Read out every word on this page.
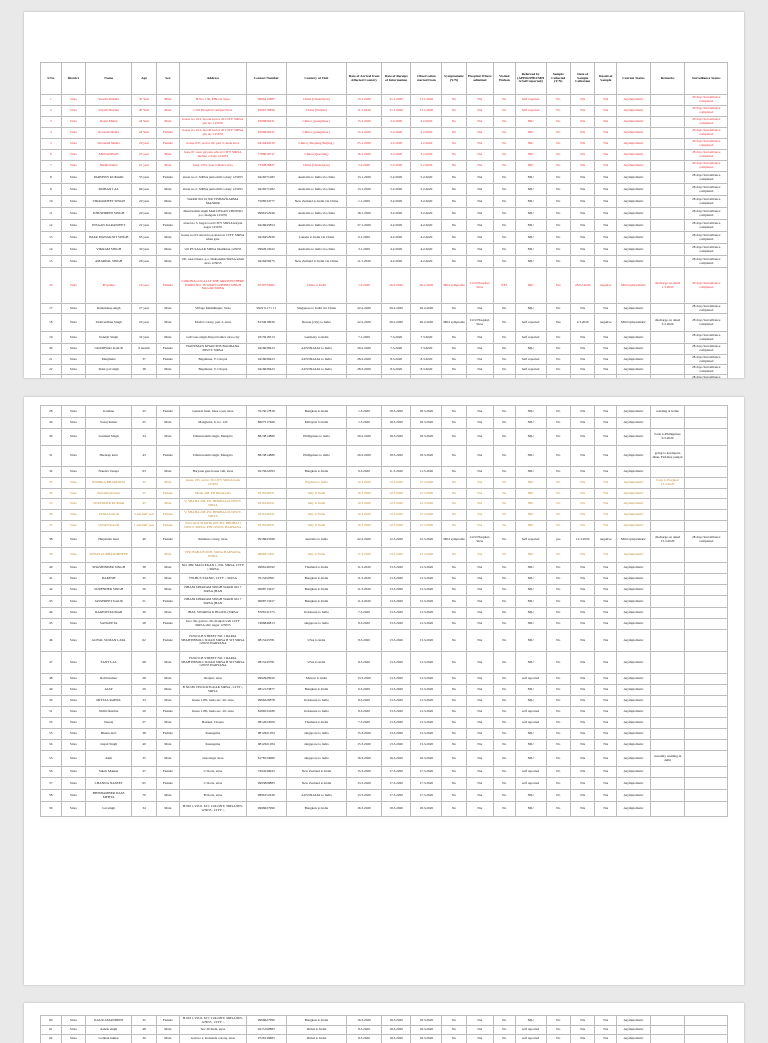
S/No	District	Name	Age	Sex	Address	Contact Number	Country of Visit	Date of Arrival from Affected Country	Date of Receipt of Information	Observation started from	Symptomatic (Y/N)	Hospital Where admitted	Visited Wuhan	Referred by (APHO/PHO/MHA/Self reported)	Sample Collected (Y/N)	Date of Sample Collection	Result of Sample	Current Status	Remarks	Surveillance Status
1	Sirsa	Swami Shikhar	35 Year	Male	H.No. 130, P.Block Sirsa	9996212885	China (Chuncheon)	13.1.2020	31.1.2020	31.1.2020	No	NA	No	Self reported	No	NA	NA	Asymptomatic		28 days Surveillance completed
2	Sirsa	Sayam Sharma	20 Year	Male	Civil Hospital Campus Sirsa	9306176856	China (Wuhan)	11.1.2020	31.1.2020	31.1.2020	No	NA	No	Self reported	No	NA	NA	Asymptomatic		28 days Surveillance completed
3	Sirsa	Rajan Mehta	43 Year	Male	house no. 612, hooda sector 20 CITY SIRSA pin no. 125055	9306656431	China ( guangzhou )	15.1.2020	2.2.2020	2.2.2020	No	NA	No	NIU	No	NA	NA	Asymptomatic		28 days Surveillance completed
4	Sirsa	Poonam Mehta	43 Year	Female	house no. 612, hooda sector 20 CITY SIRSA pin no. 125055	9306656431	China ( guangzhou )	15.1.2020	2.2.2020	2.2.2020	No	NA	No	NIU	No	NA	NA	Asymptomatic		28 days Surveillance completed
5	Sirsa	Devanshi Mehta	20 year	Female	house 637, sector 20, part 2, huda sirsa	9416430010	China ( Zhejiang Beijing )	25.1.2020	3.2.2020	3.2.2020	No	NA	No	NIU	No	NA	NA	Asymptomatic		28 days Surveillance completed
6	Sirsa	MONASHAN	23 year	Male	huse 67, near guyana school CITY SIRSA mohan colony 125055	7788018747	China (Qiaoxing)	16.1.2020	3.2.2020	3.2.2020	No	NA	No	NIU	No	NA	NA	Asymptomatic		28 days Surveillance completed
7	Sirsa	Nikhil mehta	21 year	Male	huse 1335, near Chhatri sirsa	7330818837	China (Chuncheon)	5.2.2020	5.2.2020	5.2.2020	No	NA	No	NIU	No	NA	NA	Asymptomatic		28 days Surveillance completed
8	Sirsa	PARVEEN KUMARI	33 year	Female	street no 2, SIRSA janta mili colony 125055	9416571282	Australia to India via china	13.1.2020	5.2.2020	5.2.2020	No	NA	No	NIU	No	NA	NA	Asymptomatic		28 days Surveillance completed
9	Sirsa	MOHAN LAL	60 year	Male	street no 2, SIRSA janta mili colony 125055	9416571282	Australia to India via china	13.1.2020	5.2.2020	5.2.2020	No	NA	No	NIU	No	NA	NA	Asymptomatic		28 days Surveillance completed
10	Sirsa	VIKRAMJEET SINGH	20 year	Male	WARD NO 16 NR VISHAVKARMA MANDIR	7508534777	New Zealand to India via China	1.1.2020	3.2.2020	3.2.2020	No	NA	No	NIU	No	NA	NA	Asymptomatic		28 days Surveillance completed
11	Sirsa	KHUSHDEEP SINGH	20 year	Male	dhani kalam singh MALLEKAN CHOWKI p.o. mangala 125055	9996152946	Australia to India via china	18.1.2020	3.2.2020	3.2.2020	No	NA	No	NIU	No	NA	NA	Asymptomatic		28 days Surveillance completed
12	Sirsa	INSAAN KARANJEET	22 year	Female	street no 3, hagar road CITY SIRSA kalyan nagar 125055	9416645854	Australia to India via china	27.1.2020	4.2.2020	4.2.2020	No	NA	No	NIU	No	NA	NA	Asymptomatic		28 days Surveillance completed
13	Sirsa	IMAR MANAKJOT SINGH	65 year	Male	house no 63 ratran loop street nr CITY SIRSA khan gate	9416452930	Canada to India via China	9.1.2020	4.2.2020	4.2.2020	No	NA	No	NIU	No	NA	NA	Asymptomatic		28 days Surveillance completed
14	Sirsa	VIKRAM SINGH	30 year	Male	vill PS SAGAR SIRSA bhambian 125055	9992613022	Australia to india via china	3.1.2020	4.2.2020	4.2.2020	No	NA	No	NIU	No	NA	NA	Asymptomatic		28 days Surveillance completed
15	Sirsa	AMARPAL SINGH	26 year	Male	vill. nasri bhera, p.o. bhabandhu SIRSA tehsil sirsa 125055	9416458275	New Zealand to India via China	11.1.2020	4.2.2020	4.2.2020	No	NA	No	NIU	No	NA	NA	Asymptomatic		28 days Surveillance completed
16	Sirsa	Priyanka	19 year	Female	CORONA LOCALLY SHE ARRIVED HERE WARD NO. 18 SHAH GOBIND SINGH NAGAR SIRSA	9729732665	China to India	1.2.2020	26.2.2020	26.2.2020	Mild symptoms	Civil Hospital, Sirsa	YES	NIU	Yes	28.02.2020	negative	Mild symptomatic	discharge on dated 1.3.2020	28 days Surveillance completed
17	Sirsa	Kamaldeep singh	27 year	Male	Village Mamdhupur, Sirsa	9922 6.171 11	Singapore to India via China	22.2.2020	29.2.2020	29.2.2020	No	NA	No	NIU	No	NA	NA	Asymptomatic		28 days Surveillance completed
18	Sirsa	Yashvardhan Singh	24 year	Male	Model colony, part 2, sirsa	8134618930	Russia (city) to India	22.2.2020	26.2.2020	26.2.2020	Mild symptoms	Civil Hospital, Sirsa	No	Self reported	Yes	2.3.2020	negative	Mild symptomatic	discharge on dated 5.3.2020	28 days Surveillance completed
19	Sirsa	Inderjit Singh	32 year	Male	Gill vaas singh dhayal baldev sirsa city	9315918313	Germany to India	7.1.2020	7.3.2020	7.3.2020	No	NA	No	Self reported	No	NA	NA	Asymptomatic		28 days Surveillance completed
20	Sirsa	GURDIWAL KAUR	6 month	Female	HANUMAN KHAN POS BAODANA DISTT. SIRSA	9416638423	AUSTRALIA to India	29.2.2020	7.3.2020	7.3.2020	No	NA	No	NIU	No	NA	NA	Asymptomatic		28 days Surveillance completed
21	Sirsa	Manjinder	37	Female	Baguhana, V. Chopta	9416638423	AUSTRALIA to India	28.2.2020	8.3.2020	8.3.2020	No	NA	No	Self reported	No	NA	NA	Asymptomatic		28 days Surveillance completed
22	Sirsa	Inder pal singh	38	Male	Baguhana, V. Chopta	9416638423	AUSTRALIA to India	28.2.2020	8.3.2020	8.3.2020	No	NA	No	Self reported	No	NA	NA	Asymptomatic		28 days Surveillance completed
																				28 days Surveillance

28	Sirsa	Krishna	25	Female	General basti, hisar road, sirsa	7015017818	Bangkok to India	1.3.2020	18.3.2020	18.3.2020	No	NA	No	NIU	No	NA	NA	Asymptomatic	residing at home	
29	Sirsa	Sonaj kumar	25	Male	Mangleira, h. no. 122	8607517469	Malaysia to india	1.3.2020	18.3.2020	18.3.2020	No	NA	No	NIU	No	NA	NA	Asymptomatic		
30	Sirsa	Gurmail Singh	34	Male	Dhani kalam singh, Mangala	8813814880	Philippines to india	29.2.2020	18.3.2020	18.3.2020	No	NA	No	NIU	No	NA	NA	Asymptomatic	back to Philippines 9.3.2020	
31	Sirsa	Hardeep kaur	43	Female	Dhani kalam singh, Mangala	8813814880	Philippines to india	29.2.2020	18.3.2020	18.3.2020	No	NA	No	NIU	No	NA	NA	Asymptomatic	going to kotdapura dhan. Faridkot punjab	
32	Sirsa	Nandev Taneja	63	Male	Haryana gate house veli, sirsa	9215922093	Bangkok to India	9.3.2020	11.3.2020	11.3.2020	No	NA	No	NIU	No	NA	NA	Asymptomatic		
33	Sirsa	RISHIKA BHARDWAJ	22	Male	house 195, sector 20 CITY SIRSA huda 125055		England to India	12.3.2020	12.3.2020	12.3.2020	No	NA	No	NIU	No	NA	NA	Asymptomatic	back to England 12.3.2020	
34	Sirsa	Narenderjit Kaur	55	Female	Dhani 208, PO Bhuntwala	9316140521	Italy to India	10.3.2020	12.3.2020	12.3.2020	No	NA	No	NIU	No	NA	NA	Asymptomatic		
35	Sirsa	SURENDER KUMAR	45	Male	V. SHAHA 208, PO. BHOBALOI DISTT. SIRSA	9316140521	Italy to India	10.3.2020	12.3.2020	12.3.2020	No	NA	No	NIU	No	NA	NA	Asymptomatic		
36	Sirsa	TANIA KAUR	3 and half year	Female	V. SHAHA 208, PO. BHOBALOI DISTT. SIRSA	9316140521	Italy to India	10.3.2020	12.3.2020	12.3.2020	No	NA	No	NIU	No	NA	NA	Asymptomatic		
37	Sirsa	JASAN KAUR	1 and half year	Female	VILLAGE SHAHA 208, PO. DHOBALI DISTT. SIRSA, PIN:125055, HARYANA	9316140521	Italy to India	10.3.2020	12.3.2020	12.3.2020	No	NA	No	NIU	No	NA	NA	Asymptomatic		
38	Sirsa	Harpinder kaur	40	Female	Rehman colony, sirsa	9918643398	australia to india	22.2.2020	12.3.2020	12.3.2020	Mild symptoms	Civil Hospital, Sirsa	No	Self reported	yes	12.3.2020	negative	Mild symptomatic	discharge on dated 15.3.2020	28 days Surveillance completed
39	Sirsa	SINGH GURBAKSHDEEP		Male	VPO BABA BUDH, SIRSA HARYANA, INDIA	9996675811	Italy to India	17.3.2020	13.3.2020	13.3.2020	No	NA	No	NIU	No	NA	NA	Asymptomatic		
40	Sirsa	SHASHINDER SINGH	38	Male	NO. 489, MALLEKAN 1, NO. SIRSA, CITY :, SIRSA	9996148192	Thailand to India	11.3.2020	13.3.2020	13.3.2020	No	NA	No	NIU	No	NA	NA	Asymptomatic		
41	Sirsa	RAKESH	35	Male	378-BUS STAND , CITY :, SIRSA	7015459301	Bangkok to India	11.3.2020	13.3.2020	13.3.2020	No	NA	No	NIU	No	NA	NA	Asymptomatic		
42	Sirsa	SURENDER SINGH	56	Male	DHANI DHARAM SINGH WARD NO 7 SIRSA (HAN	9698713457	Bangkok to India	11.3.2020	13.3.2020	13.3.2020	No	NA	No	NIU	No	NA	NA	Asymptomatic		
43	Sirsa	JASSPREET KAUR	51	Female	DHANI DHARAM SINGH WARD NO 7 SIRSA (HAN	9698713457	Bangkok to India	11.3.2020	13.3.2020	13.3.2020	No	NA	No	NIU	No	NA	NA	Asymptomatic		
44	Sirsa	RAKESH KUMAR	30	Male	JHAT, SWARNA K BLOCK (SIRSA	8708141575	Indonesia to India	7.3.2020	13.3.2020	13.3.2020	No	NA	No	NIU	No	NA	NA	Asymptomatic		
45	Sirsa	SANGEETA	28	Female	h.no. 96, gali no. 06, manjab well CITY SIRSA shiv nagar 125055	7496846813	singapore to india	8.3.2020	13.3.2020	13.3.2020	No	NA	No	NIU	No	NA	NA	Asymptomatic		
46	Sirsa	GOYAL SUMAN LATA	62	Female	H.NO 6-B STREET NO 1 DARIA SHAHTIBSOLC ROAD SIRSA B SIT SIRSA 125055 HARYANA	9815245781	USA to india	8.3.2020	13.3.2020	13.3.2020	No	NA	No	NIU	No	NA	NA	Asymptomatic		
47	Sirsa	SANT LAL	68	Male	H.NO 6-B STREET NO 1 DARIA SHAHTIBSOLC ROAD SIRSA B SIT SIRSA 125055 HARYANA	9815245781	USA to india	8.3.2020	13.3.2020	13.3.2020	No	NA	No	NIU	No	NA	NA	Asymptomatic		
48	Sirsa	Rohit kumar	28	Male	bhatpur, sirsa	9992929020	Muscat to india	13.3.2020	13.3.2020	13.3.2020	No	NA	No	self reported	No	NA	NA	Asymptomatic		
49	Sirsa	AJAY	29	Male	B NO 86 VPO KOTGUAR SIRSA , CITY :, SIRSA	9812123877	Bangkok to India	6.3.2020	13.3.2020	13.3.2020	No	NA	No	NIU	No	NA	NA	Asymptomatic		
50	Sirsa	MITTAL RAHUL	33	Male	house 1185, huda sec. 20, sirsa	9996226878	Indonesia to India	8.3.2020	13.3.2020	13.3.2020	No	NA	No	NIU	No	NA	NA	Asymptomatic		
51	Sirsa	Nidhi bhuchia	29	Female	house 1185, huda sec. 20, sirsa	8286534180	Indonesia to India	8.3.2020	13.3.2020	13.3.2020	No	NA	No	self reported	No	NA	NA	Asymptomatic		
52	Sirsa	Neeraj	27	Male	Basauri, Chopta	9812624509	Thailand to India	7.3.2020	13.3.2020	13.3.2020	No	NA	No	self reported	No	NA	NA	Asymptomatic		
53	Sirsa	Bhanu devi	38	Female	Kuangama	9812621184	singapore to india	15.3.2020	13.3.2020	13.3.2020	No	NA	No	NIU	No	NA	NA	Asymptomatic		
54	Sirsa	Jaspal Singh	40	Male	Kuangama	9812621184	singapore to india	15.3.2020	13.3.2020	13.3.2020	No	NA	No	NIU	No	NA	NA	Asymptomatic		
55	Sirsa	Amit	35	Male	sirsa mgar sirsa	8178134980	singapore to india	16.3.2020	16.3.2020	16.3.2020	No	NA	No	NIU	No	NA	NA	Asymptomatic	currently residing in delhi	
56	Sirsa	Sukrit Makkar	27	Female	C block, sirsa	7404539943	New Zealand to India	15.3.2020	17.3.2020	17.3.2020	No	NA	No	self reported	No	NA	NA	Asymptomatic		
57	Sirsa	CHANNA NASEET	65	Female	C block, sirsa	9995808883	New Zealand to India	13.3.2020	17.3.2020	17.3.2020	No	NA	No	self reported	No	NA	NA	Asymptomatic		
58	Sirsa	BHISHAMBER DASS MEHTA	70	Male	B block, sirsa	9896152449	AUSTRALIA to India	13.3.2020	17.3.2020	17.3.2020	No	NA	No	NIU	No	NA	NA	Asymptomatic		
59	Sirsa	Lal singh	34	Male	H.NO 1,V.P.O. M C COLONY, SIRSA PIN-125055 , CITY :,	9996627990	Bangkok to India	16.3.2020	18.3.2020	18.3.2020	No	NA	No	NIU	No	NA	NA	Asymptomatic		
60	Sirsa	KAUR AMANDEEP	32	Female	H.NO 1,V.P.O. M C COLONY, SIRSA PIN-125055 , CITY :,	9996627990	Bangkok to India	16.3.2020	18.3.2020	18.3.2020	No	NA	No	NIU	No	NA	NA	Asymptomatic		
61	Sirsa	Ashok singh	48	Male	Sec 20 huda, sirsa	9215190883	Dubai to India	8.3.2020	18.3.2020	18.3.2020	No	NA	No	self reported	No	NA	NA	Asymptomatic		
62	Sirsa	Gobhan kumar	30	Male	Gali no 2, Kokanda colony, sirsa	9728139883	Dubai to India	8.3.2020	18.3.2020	18.3.2020	No	NA	No	self reported	No	NA	NA	Asymptomatic		
